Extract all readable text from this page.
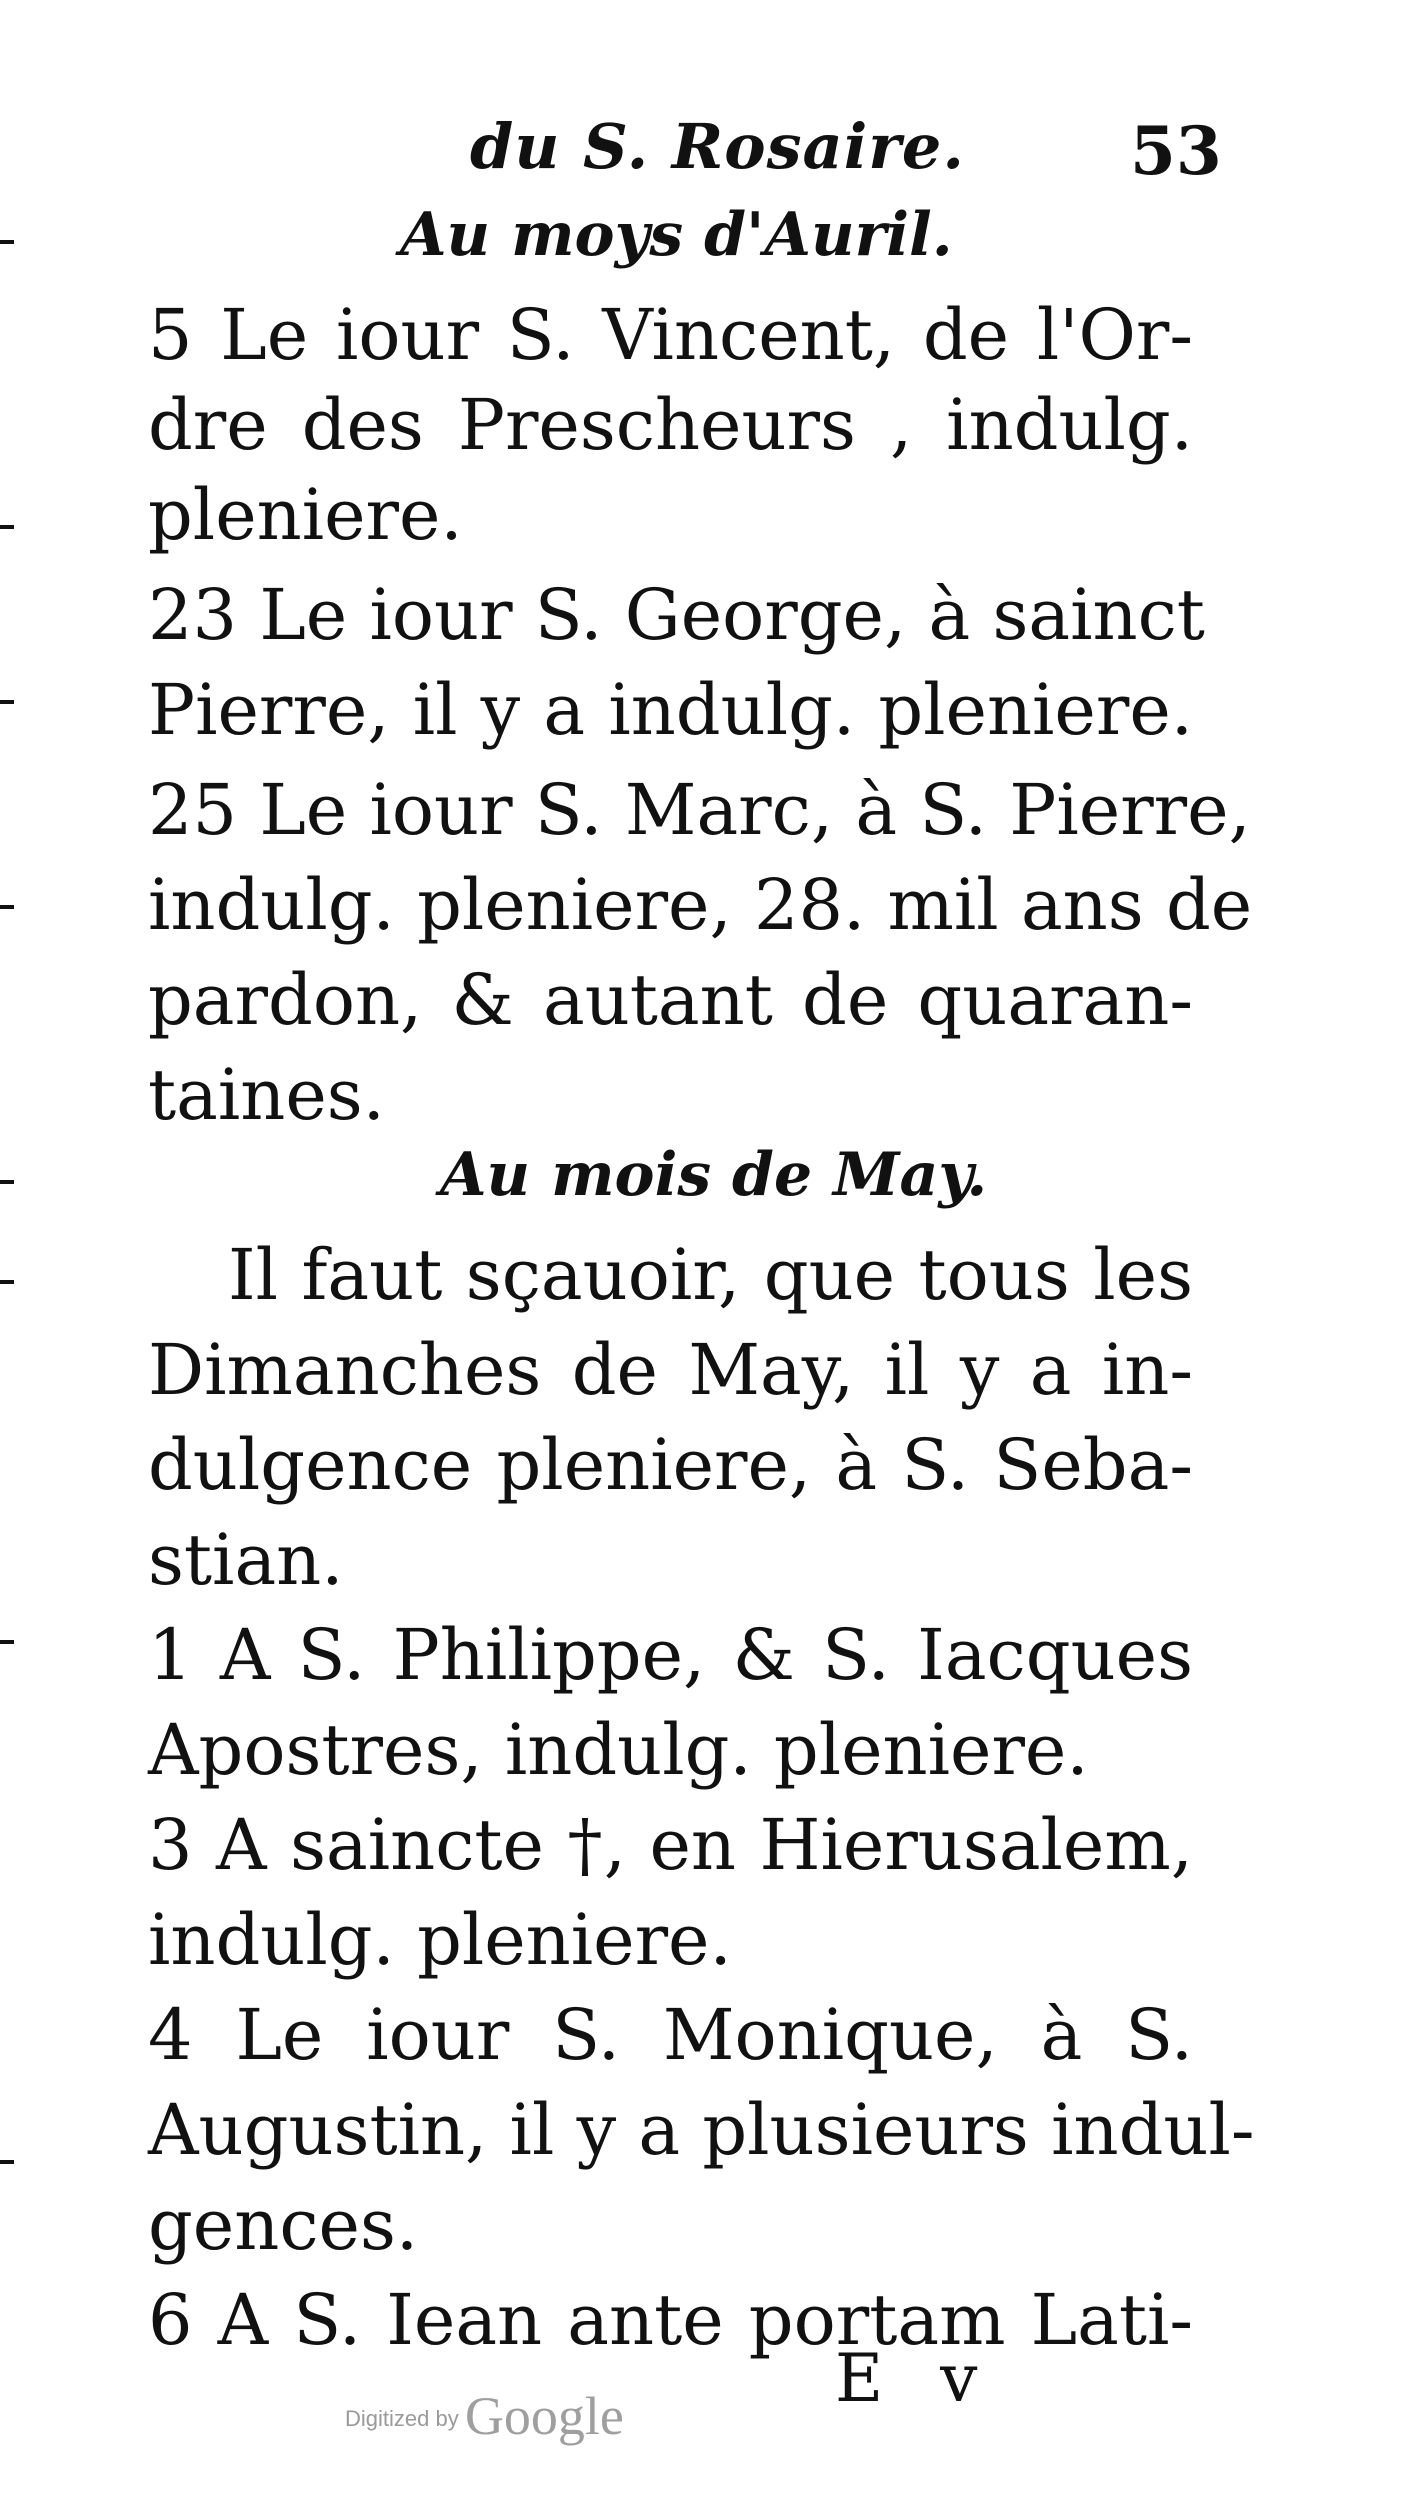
du S. Rosaire.	53
Au moys d'Auril.
5 Le iour S. Vincent, de l'Or-
dre des Prescheurs , indulg.
pleniere.
23 Le iour S. George, à sainct
Pierre, il y a indulg. pleniere.
25 Le iour S. Marc, à S. Pierre,
indulg. pleniere, 28. mil ans de
pardon, & autant de quaran-
taines.
Au mois de May.
Il faut sçauoir, que tous les
Dimanches de May, il y a in-
dulgence pleniere, à S. Seba-
stian.
1 A S. Philippe, & S. Iacques
Apostres, indulg. pleniere.
3 A saincte †, en Hierusalem,
indulg. pleniere.
4 Le iour S. Monique, à S.
Augustin, il y a plusieurs indul-
gences.
6 A S. Iean ante portam Lati-
E v
Digitized by Google
